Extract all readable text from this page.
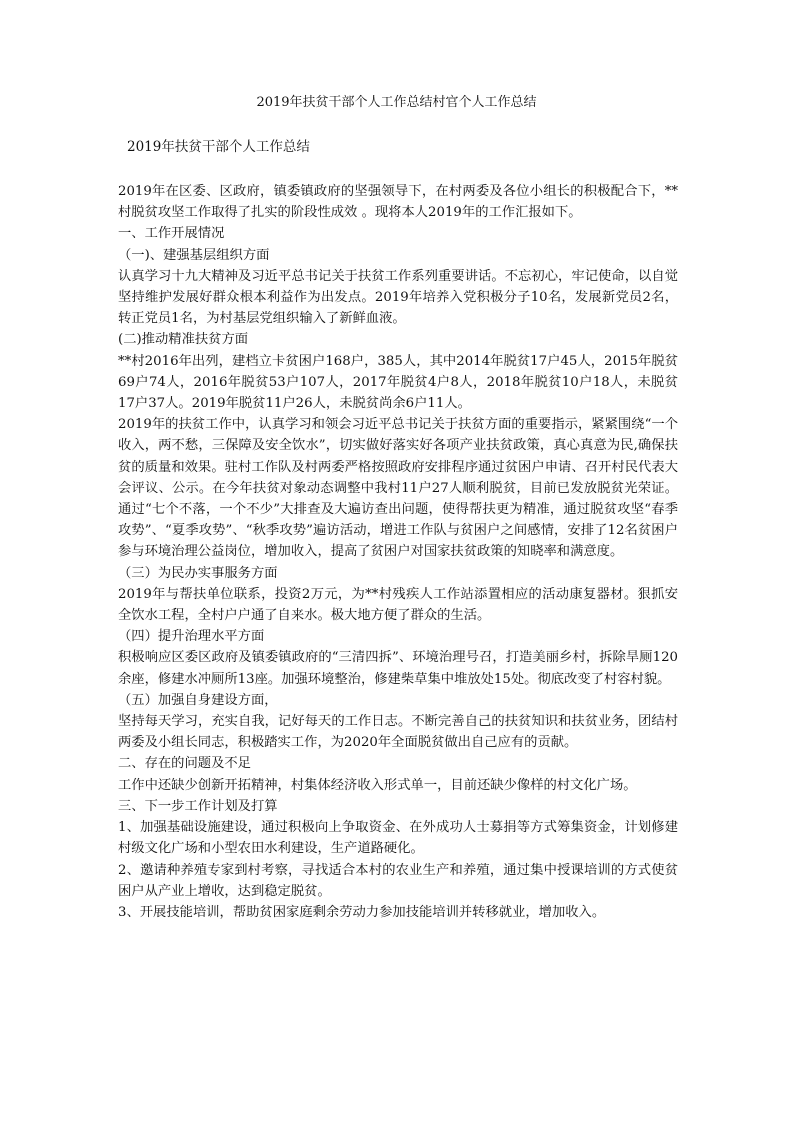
2019年扶贫干部个人工作总结村官个人工作总结
2019年扶贫干部个人工作总结

2019年在区委、区政府，镇委镇政府的坚强领导下，在村两委及各位小组长的积极配合下，**村脱贫攻坚工作取得了扎实的阶段性成效 。现将本人2019年的工作汇报如下。

一、工作开展情况

（一)、建强基层组织方面

认真学习十九大精神及习近平总书记关于扶贫工作系列重要讲话。不忘初心，牢记使命，以自觉坚持维护发展好群众根本利益作为出发点。2019年培养入党积极分子10名，发展新党员2名，转正党员1名，为村基层党组织输入了新鲜血液。

(二)推动精准扶贫方面

**村2016年出列，建档立卡贫困户168户，385人，其中2014年脱贫17户45人，2015年脱贫69户74人，2016年脱贫53户107人，2017年脱贫4户8人，2018年脱贫10户18人，未脱贫17户37人。2019年脱贫11户26人，未脱贫尚余6户11人。

2019年的扶贫工作中，认真学习和领会习近平总书记关于扶贫方面的重要指示，紧紧围绕“一个收入，两不愁，三保障及安全饮水”，切实做好落实好各项产业扶贫政策，真心真意为民,确保扶贫的质量和效果。驻村工作队及村两委严格按照政府安排程序通过贫困户申请、召开村民代表大会评议、公示。在今年扶贫对象动态调整中我村11户27人顺利脱贫，目前已发放脱贫光荣证。通过“七个不落，一个不少”大排查及大遍访查出问题，使得帮扶更为精准，通过脱贫攻坚“春季攻势”、“夏季攻势”、“秋季攻势”遍访活动，增进工作队与贫困户之间感情，安排了12名贫困户参与环境治理公益岗位，增加收入，提高了贫困户对国家扶贫政策的知晓率和满意度。

（三）为民办实事服务方面

2019年与帮扶单位联系，投资2万元，为**村残疾人工作站添置相应的活动康复器材。狠抓安全饮水工程，全村户户通了自来水。极大地方便了群众的生活。

（四）提升治理水平方面

积极响应区委区政府及镇委镇政府的“三清四拆”、环境治理号召，打造美丽乡村，拆除旱厕120余座，修建水冲厕所13座。加强环境整治，修建柴草集中堆放处15处。彻底改变了村容村貌。

（五）加强自身建设方面，

坚持每天学习，充实自我，记好每天的工作日志。不断完善自己的扶贫知识和扶贫业务，团结村两委及小组长同志，积极踏实工作，为2020年全面脱贫做出自己应有的贡献。

二、存在的问题及不足

工作中还缺少创新开拓精神，村集体经济收入形式单一，目前还缺少像样的村文化广场。

三、下一步工作计划及打算

1、加强基础设施建设，通过积极向上争取资金、在外成功人士募捐等方式筹集资金，计划修建村级文化广场和小型农田水利建设，生产道路硬化。

2、邀请种养殖专家到村考察，寻找适合本村的农业生产和养殖，通过集中授课培训的方式使贫困户从产业上增收，达到稳定脱贫。

3、开展技能培训，帮助贫困家庭剩余劳动力参加技能培训并转移就业，增加收入。
